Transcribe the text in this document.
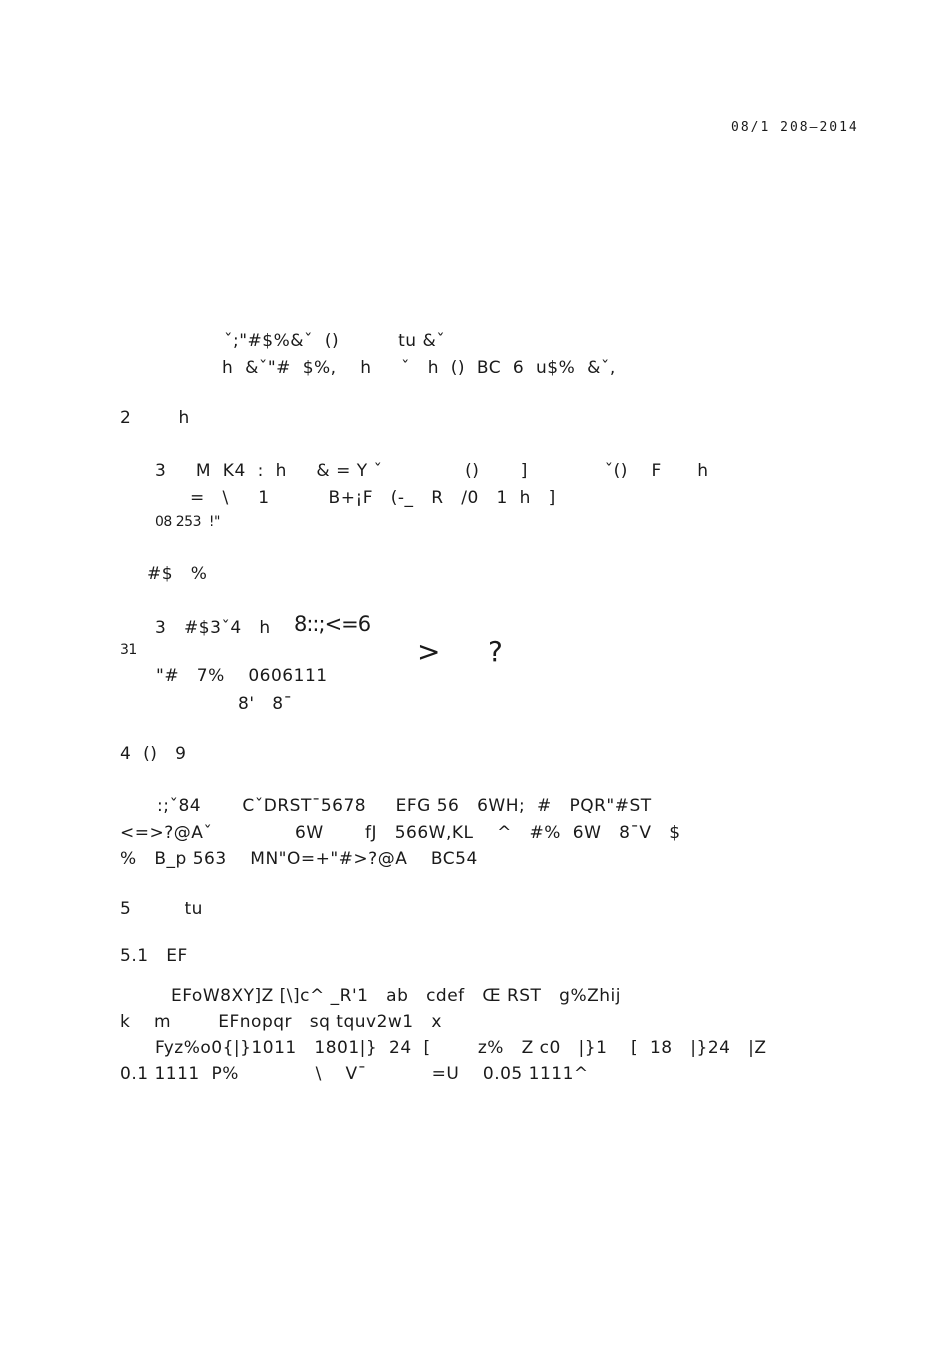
08/1 208—2014
ˇ;"#$%&ˇ  ()          tu &ˇ
h  &ˇ"#  $%,    h     ˇ   h  ()  BC  6  u$%  &ˇ,
2        h
3     M  K4  :  h     & = Y ˇ              ()       ]             ˇ()    F      h
=   \     1          B+¡F   (-_   R   /0   1  h   ]
08 253  !"
#$   %
3   #$3ˇ4   h 8::;<=6
31	>     ?
"#   7%    0606111
8'   8ˉ
4  ()   9
:;ˇ84       CˇDRSTˉ5678     EFG 56   6WH;  #   PQR"#ST
<=>?@Aˇ              6W       fJ   566W,KL    ^   #%  6W   8ˉV   $
%   B_p 563    MN"O=+"#>?@A    BC54
5         tu
5.1   EF
EFoW8XY]Z [\]c^ _R'1   ab   cdef   Œ RST   g%Zhij
k    m        EFnopqr   sq tquv2w1   x
Fyz%o0{|}1011   1801|}  24  [        z%   Z c0   |}1    [  18   |}24   |Z
0.1 1111  P%             \    Vˉ           =U    0.05 1111^
